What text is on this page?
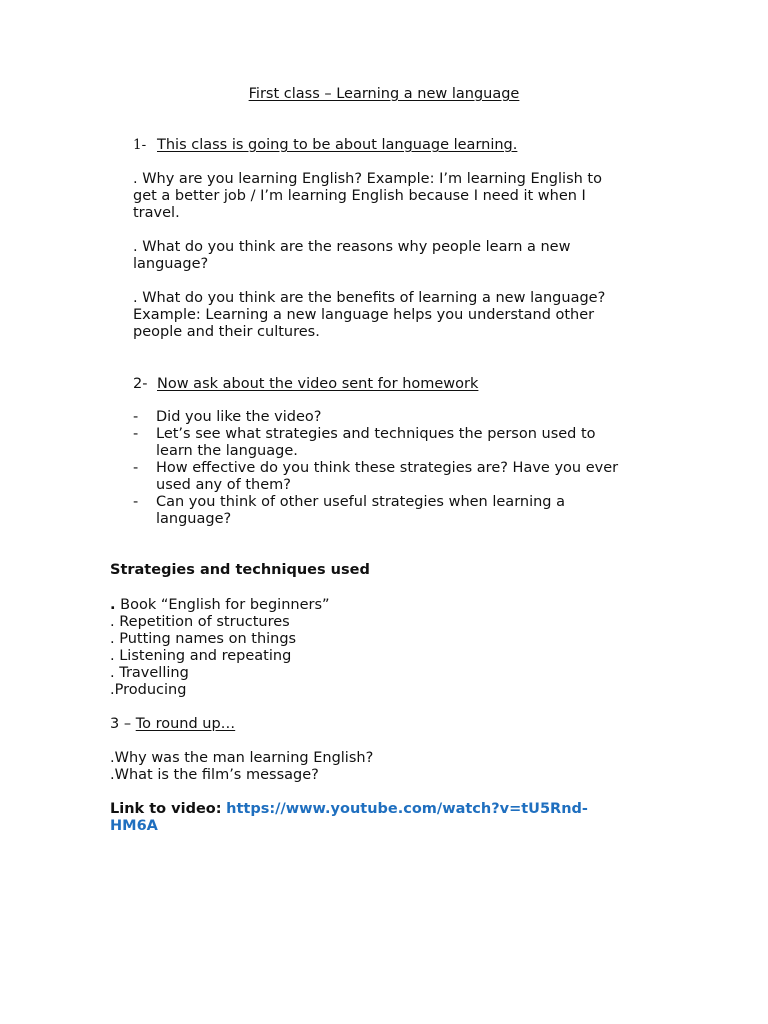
First class – Learning a new language
1- This class is going to be about language learning.
. Why are you learning English? Example: I’m learning English to
get a better job / I’m learning English because I need it when I
travel.
. What do you think are the reasons why people learn a new
language?
. What do you think are the benefits of learning a new language?
Example: Learning a new language helps you understand other
people and their cultures.
2- Now ask about the video sent for homework
- Did you like the video?
- Let’s see what strategies and techniques the person used to
learn the language.
- How effective do you think these strategies are? Have you ever
used any of them?
- Can you think of other useful strategies when learning a
language?
Strategies and techniques used
. Book “English for beginners”
. Repetition of structures
. Putting names on things
. Listening and repeating
. Travelling
.Producing
3 – To round up…
.Why was the man learning English?
.What is the film’s message?
Link to video: https://www.youtube.com/watch?v=tU5Rnd-
HM6A
